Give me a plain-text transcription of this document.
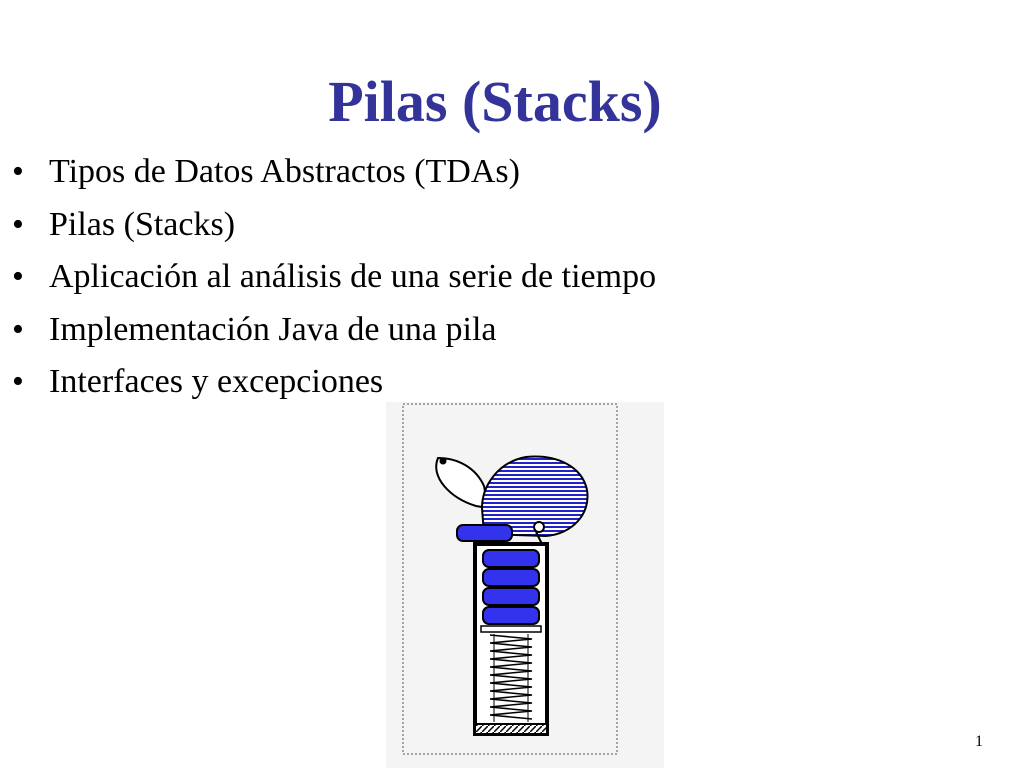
Pilas (Stacks)
• Tipos de Datos Abstractos (TDAs)
• Pilas (Stacks)
• Aplicación al análisis de una serie de tiempo
• Implementación Java de una pila
• Interfaces y excepciones
1
